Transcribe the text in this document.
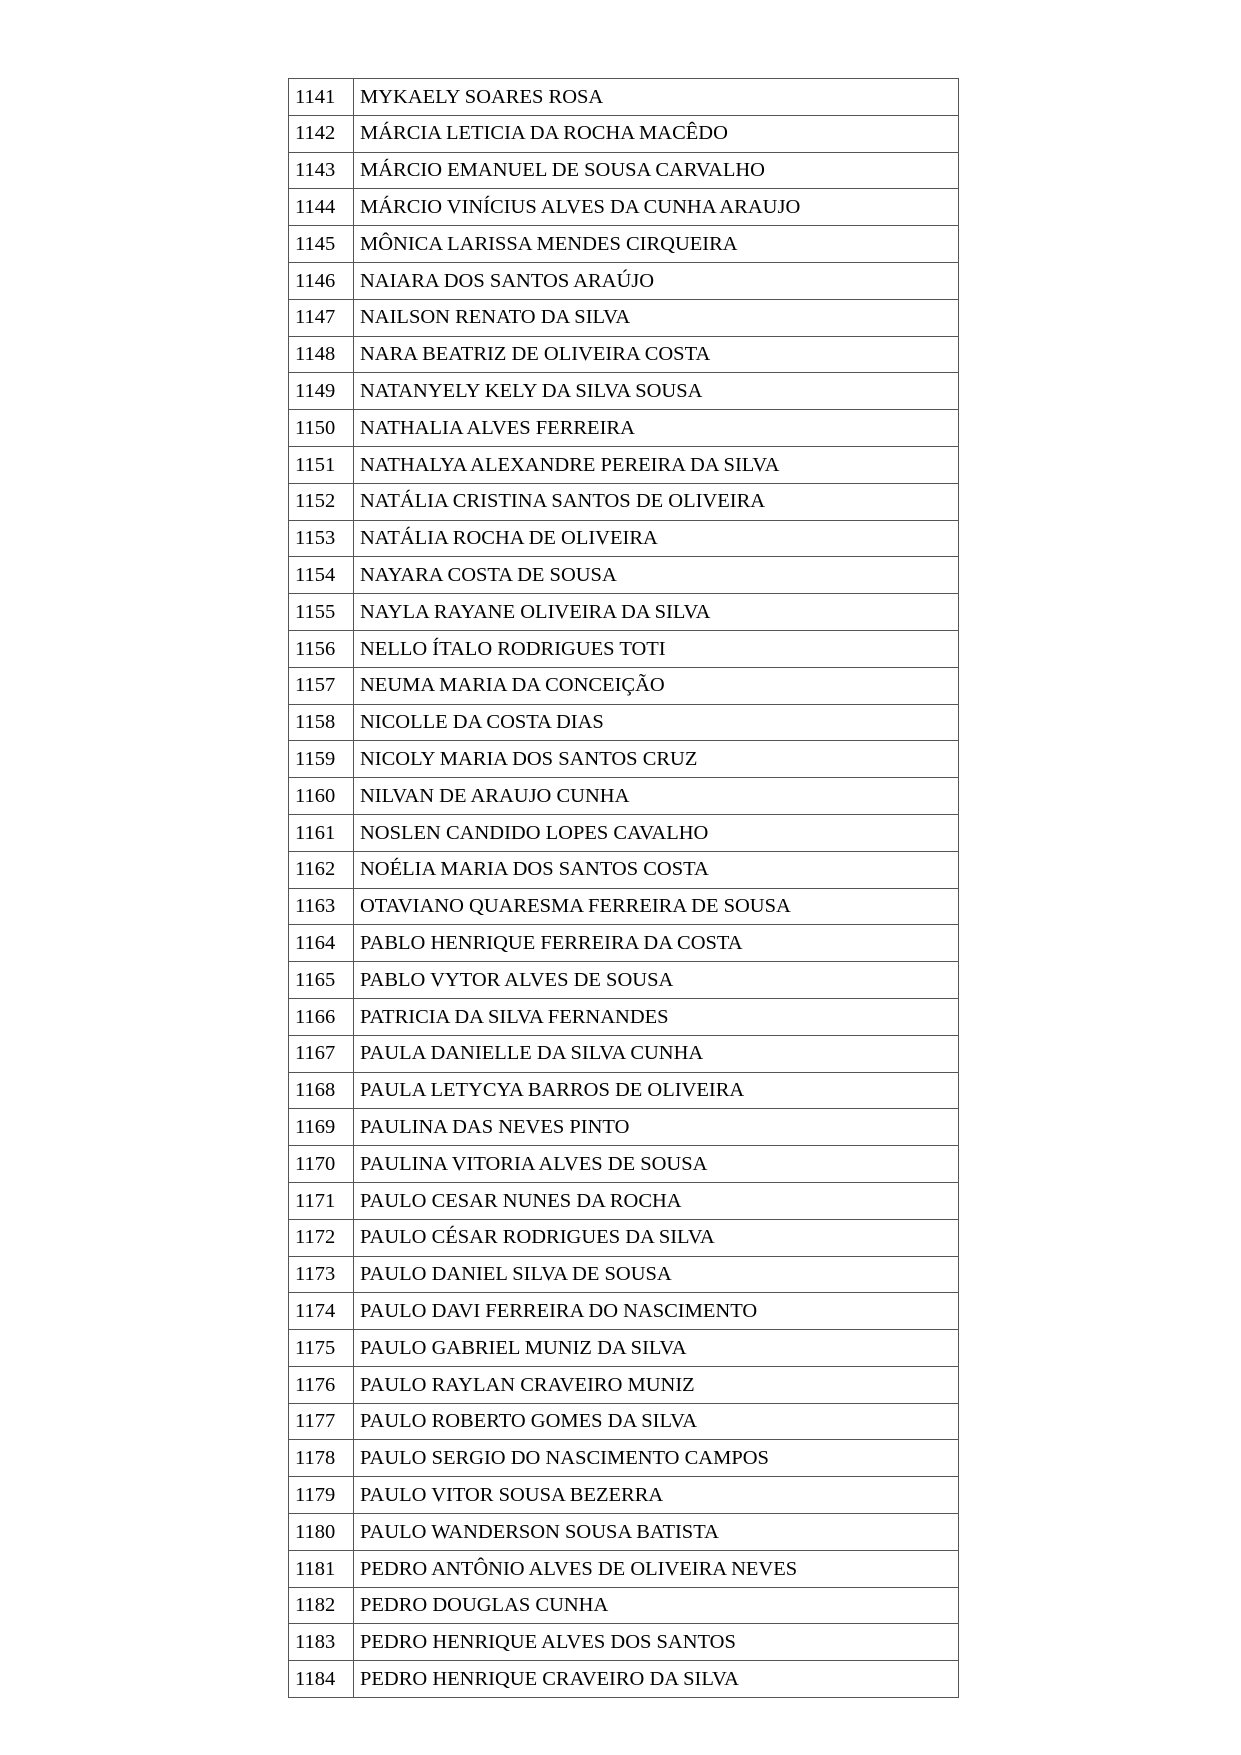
1141	MYKAELY SOARES ROSA
1142	MÁRCIA LETICIA DA ROCHA MACÊDO
1143	MÁRCIO EMANUEL DE SOUSA CARVALHO
1144	MÁRCIO VINÍCIUS ALVES DA CUNHA ARAUJO
1145	MÔNICA LARISSA MENDES CIRQUEIRA
1146	NAIARA DOS SANTOS ARAÚJO
1147	NAILSON RENATO DA SILVA
1148	NARA BEATRIZ DE OLIVEIRA COSTA
1149	NATANYELY KELY DA SILVA SOUSA
1150	NATHALIA ALVES FERREIRA
1151	NATHALYA ALEXANDRE PEREIRA DA SILVA
1152	NATÁLIA CRISTINA SANTOS DE OLIVEIRA
1153	NATÁLIA ROCHA DE OLIVEIRA
1154	NAYARA COSTA DE SOUSA
1155	NAYLA RAYANE OLIVEIRA DA SILVA
1156	NELLO ÍTALO RODRIGUES TOTI
1157	NEUMA MARIA DA CONCEIÇÃO
1158	NICOLLE DA COSTA DIAS
1159	NICOLY MARIA DOS SANTOS CRUZ
1160	NILVAN DE ARAUJO CUNHA
1161	NOSLEN CANDIDO LOPES CAVALHO
1162	NOÉLIA MARIA DOS SANTOS COSTA
1163	OTAVIANO QUARESMA FERREIRA DE SOUSA
1164	PABLO HENRIQUE FERREIRA DA COSTA
1165	PABLO VYTOR ALVES DE SOUSA
1166	PATRICIA DA SILVA FERNANDES
1167	PAULA DANIELLE DA SILVA CUNHA
1168	PAULA LETYCYA BARROS DE OLIVEIRA
1169	PAULINA DAS NEVES PINTO
1170	PAULINA VITORIA ALVES DE SOUSA
1171	PAULO CESAR NUNES DA ROCHA
1172	PAULO CÉSAR RODRIGUES DA SILVA
1173	PAULO DANIEL SILVA DE SOUSA
1174	PAULO DAVI FERREIRA DO NASCIMENTO
1175	PAULO GABRIEL MUNIZ DA SILVA
1176	PAULO RAYLAN CRAVEIRO MUNIZ
1177	PAULO ROBERTO GOMES DA SILVA
1178	PAULO SERGIO DO NASCIMENTO CAMPOS
1179	PAULO VITOR SOUSA BEZERRA
1180	PAULO WANDERSON SOUSA BATISTA
1181	PEDRO ANTÔNIO ALVES DE OLIVEIRA NEVES
1182	PEDRO DOUGLAS CUNHA
1183	PEDRO HENRIQUE ALVES DOS SANTOS
1184	PEDRO HENRIQUE CRAVEIRO DA SILVA
